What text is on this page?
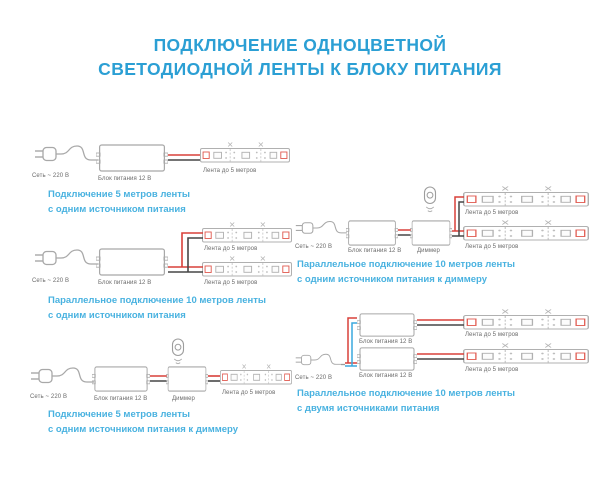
ПОДКЛЮЧЕНИЕ ОДНОЦВЕТНОЙ
СВЕТОДИОДНОЙ ЛЕНТЫ К БЛОКУ ПИТАНИЯ
Сеть ~ 220 В	Блок питания 12 В
Лента до 5 метров
Подключение 5 метров ленты
с одним источником питания
Лента до 5 метров
Сеть ~ 220 В	Блок питания 12 В	Лента до 5 метров
Параллельное подключение 10 метров ленты
с одним источником питания
Сеть ~ 220 В	Блок питания 12 В	Диммер
Лента до 5 метров
Подключение 5 метров ленты
с одним источником питания к диммеру
Лента до 5 метров
Сеть ~ 220 В
Блок питания 12 В	Диммер
Лента до 5 метров
Параллельное подключение 10 метров ленты
с одним источником питания к диммеру
Лента до 5 метров
Блок питания 12 В
Сеть ~ 220 В	Блок питания 12 В
Лента до 5 метров
Параллельное подключение 10 метров ленты
с двумя источниками питания
